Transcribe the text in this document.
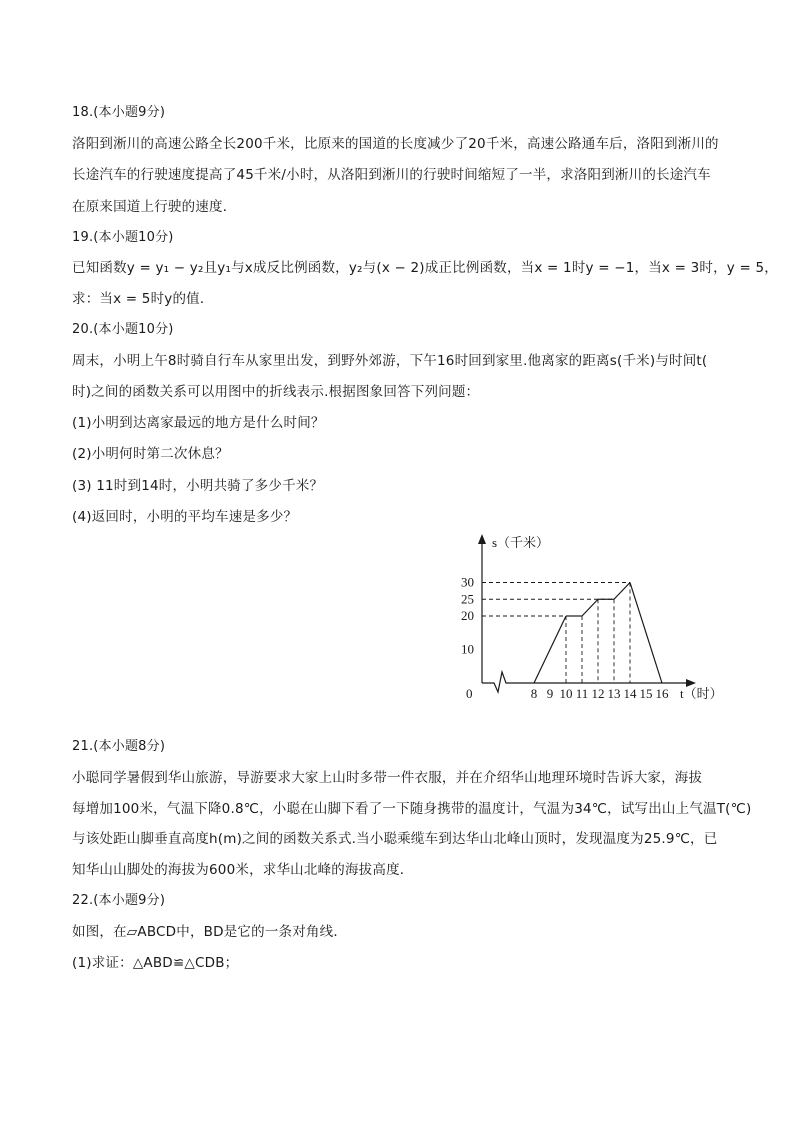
18.(本小题9分)
洛阳到淅川的高速公路全长200千米，比原来的国道的长度减少了20千米，高速公路通车后，洛阳到淅川的
长途汽车的行驶速度提高了45千米/小时，从洛阳到淅川的行驶时间缩短了一半，求洛阳到淅川的长途汽车
在原来国道上行驶的速度．
19.(本小题10分)
已知函数y = y₁ − y₂且y₁与x成反比例函数，y₂与(x − 2)成正比例函数，当x = 1时y = −1，当x = 3时，y = 5，
求：当x = 5时y的值．
20.(本小题10分)
周末，小明上午8时骑自行车从家里出发，到野外郊游，下午16时回到家里.他离家的距离s(千米)与时间t(
时)之间的函数关系可以用图中的折线表示.根据图象回答下列问题：
(1)小明到达离家最远的地方是什么时间？
(2)小明何时第二次休息？
(3) 11时到14时，小明共骑了多少千米？
(4)返回时，小明的平均车速是多少？
s（千米）
t（时）
0	8 9 10 11 12 13 14 15 16
10
20
25
30
21.(本小题8分)
小聪同学暑假到华山旅游，导游要求大家上山时多带一件衣服，并在介绍华山地理环境时告诉大家，海拔
每增加100米，气温下降0.8℃，小聪在山脚下看了一下随身携带的温度计，气温为34℃，试写出山上气温T(℃)
与该处距山脚垂直高度h(m)之间的函数关系式.当小聪乘缆车到达华山北峰山顶时，发现温度为25.9℃，已
知华山山脚处的海拔为600米，求华山北峰的海拔高度．
22.(本小题9分)
如图，在▱ABCD中，BD是它的一条对角线．
(1)求证：△ABD≌△CDB；
